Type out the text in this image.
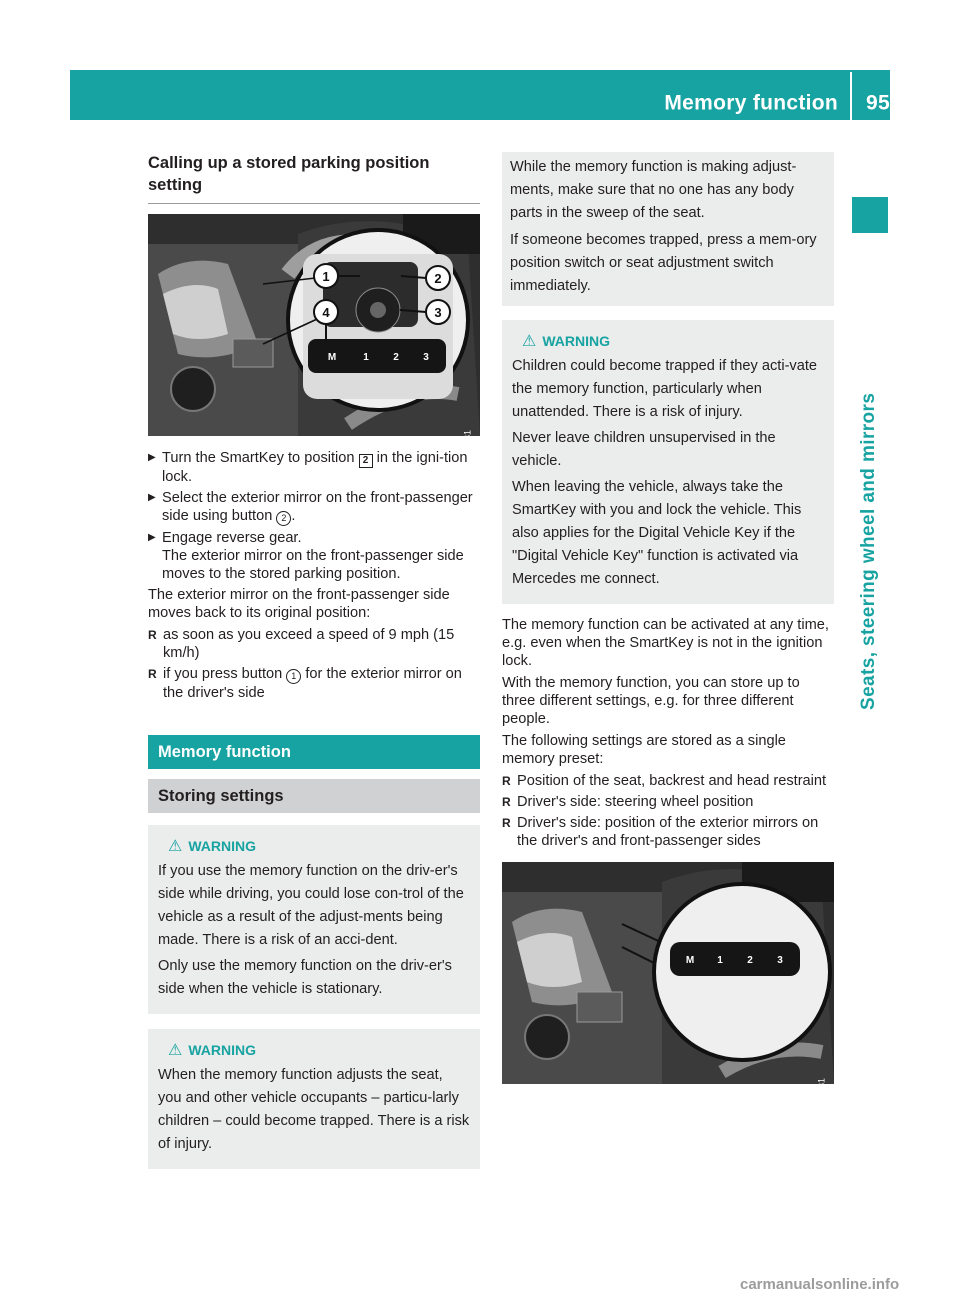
Memory function 95
Seats, steering wheel and mirrors
Calling up a stored parking position setting
1	2
3
4
M	1 2 3
P54.26-0466-31
▶ Turn the SmartKey to position 2 in the igni-tion lock.
▶ Select the exterior mirror on the front-passenger side using button 2 .
▶ Engage reverse gear.
The exterior mirror on the front-passenger side moves to the stored parking position.

The exterior mirror on the front-passenger side moves back to its original position:

R as soon as you exceed a speed of 9 mph (15 km/h)
R if you press button 1 for the exterior mirror on the driver's side
Memory function
Storing settings
⚠ WARNING

If you use the memory function on the driv-er's side while driving, you could lose con-trol of the vehicle as a result of the adjust-ments being made. There is a risk of an acci-dent.

Only use the memory function on the driv-er's side when the vehicle is stationary.

⚠ WARNING

When the memory function adjusts the seat, you and other vehicle occupants – particu-larly children – could become trapped. There is a risk of injury.

While the memory function is making adjust-ments, make sure that no one has any body parts in the sweep of the seat.

If someone becomes trapped, press a mem-ory position switch or seat adjustment switch immediately.

⚠ WARNING

Children could become trapped if they acti-vate the memory function, particularly when unattended. There is a risk of injury.

Never leave children unsupervised in the vehicle.

When leaving the vehicle, always take the SmartKey with you and lock the vehicle. This also applies for the Digital Vehicle Key if the "Digital Vehicle Key" function is activated via Mercedes me connect.

The memory function can be activated at any time, e.g. even when the SmartKey is not in the ignition lock.

With the memory function, you can store up to three different settings, e.g. for three different people.

The following settings are stored as a single memory preset:

R Position of the seat, backrest and head restraint
R Driver's side: steering wheel position
R Driver's side: position of the exterior mirrors on the driver's and front-passenger sides
M 1 2 3
P54.26-0465-31
carmanualsonline.info
